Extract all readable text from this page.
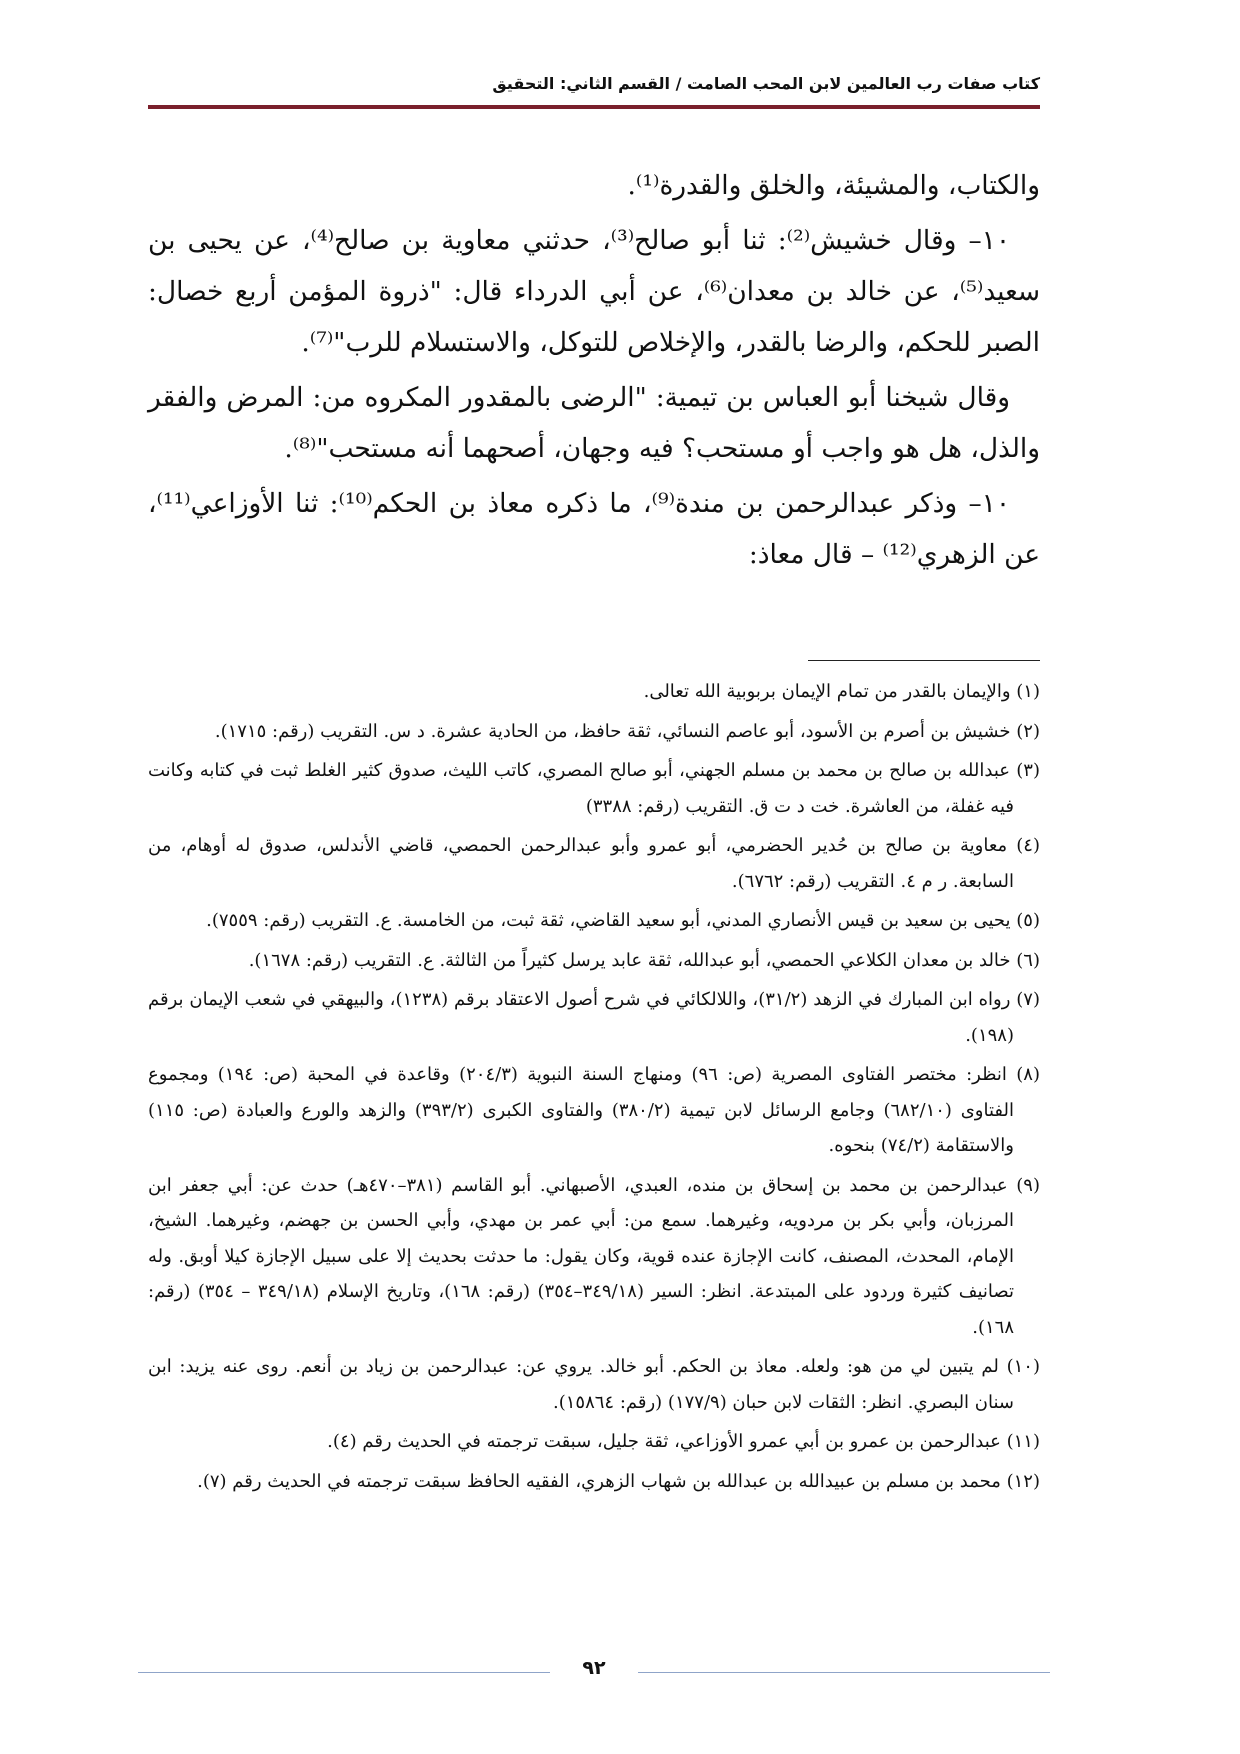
كتاب صفات رب العالمين لابن المحب الصامت / القسم الثاني: التحقيق

والكتاب، والمشيئة، والخلق والقدرة⁽¹⁾.

١٠– وقال خشيش⁽²⁾: ثنا أبو صالح⁽³⁾، حدثني معاوية بن صالح⁽⁴⁾، عن يحيى بن سعيد⁽⁵⁾، عن خالد بن معدان⁽⁶⁾، عن أبي الدرداء قال: "ذروة المؤمن أربع خصال: الصبر للحكم، والرضا بالقدر، والإخلاص للتوكل، والاستسلام للرب"⁽⁷⁾.

وقال شيخنا أبو العباس بن تيمية: "الرضى بالمقدور المكروه من: المرض والفقر والذل، هل هو واجب أو مستحب؟ فيه وجهان، أصحهما أنه مستحب"⁽⁸⁾.

١٠– وذكر عبدالرحمن بن مندة⁽⁹⁾، ما ذكره معاذ بن الحكم⁽¹⁰⁾: ثنا الأوزاعي⁽¹¹⁾، عن الزهري⁽¹²⁾ – قال معاذ:

(١) والإيمان بالقدر من تمام الإيمان بربوبية الله تعالى.
(٢) خشيش بن أصرم بن الأسود، أبو عاصم النسائي، ثقة حافظ، من الحادية عشرة. د س. التقريب (رقم: ١٧١٥).
(٣) عبدالله بن صالح بن محمد بن مسلم الجهني، أبو صالح المصري، كاتب الليث، صدوق كثير الغلط ثبت في كتابه وكانت فيه غفلة، من العاشرة. خت د ت ق. التقريب (رقم: ٣٣٨٨)
(٤) معاوية بن صالح بن حُدير الحضرمي، أبو عمرو وأبو عبدالرحمن الحمصي، قاضي الأندلس، صدوق له أوهام، من السابعة. ر م ٤. التقريب (رقم: ٦٧٦٢).
(٥) يحيى بن سعيد بن قيس الأنصاري المدني، أبو سعيد القاضي، ثقة ثبت، من الخامسة. ع. التقريب (رقم: ٧٥٥٩).
(٦) خالد بن معدان الكلاعي الحمصي، أبو عبدالله، ثقة عابد يرسل كثيراً من الثالثة. ع. التقريب (رقم: ١٦٧٨).
(٧) رواه ابن المبارك في الزهد (٣١/٢)، واللالكائي في شرح أصول الاعتقاد برقم (١٢٣٨)، والبيهقي في شعب الإيمان برقم (١٩٨).
(٨) انظر: مختصر الفتاوى المصرية (ص: ٩٦) ومنهاج السنة النبوية (٢٠٤/٣) وقاعدة في المحبة (ص: ١٩٤) ومجموع الفتاوى (٦٨٢/١٠) وجامع الرسائل لابن تيمية (٣٨٠/٢) والفتاوى الكبرى (٣٩٣/٢) والزهد والورع والعبادة (ص: ١١٥) والاستقامة (٧٤/٢) بنحوه.
(٩) عبدالرحمن بن محمد بن إسحاق بن منده، العبدي، الأصبهاني. أبو القاسم (٣٨١–٤٧٠هـ) حدث عن: أبي جعفر ابن المرزبان، وأبي بكر بن مردويه، وغيرهما. سمع من: أبي عمر بن مهدي، وأبي الحسن بن جهضم، وغيرهما. الشيخ، الإمام، المحدث، المصنف، كانت الإجازة عنده قوية، وكان يقول: ما حدثت بحديث إلا على سبيل الإجازة كيلا أوبق. وله تصانيف كثيرة وردود على المبتدعة. انظر: السير (٣٤٩/١٨–٣٥٤) (رقم: ١٦٨)، وتاريخ الإسلام (٣٤٩/١٨ – ٣٥٤) (رقم: ١٦٨).
(١٠) لم يتبين لي من هو: ولعله. معاذ بن الحكم. أبو خالد. يروي عن: عبدالرحمن بن زياد بن أنعم. روى عنه يزيد: ابن سنان البصري. انظر: الثقات لابن حبان (١٧٧/٩) (رقم: ١٥٨٦٤).
(١١) عبدالرحمن بن عمرو بن أبي عمرو الأوزاعي، ثقة جليل، سبقت ترجمته في الحديث رقم (٤).
(١٢) محمد بن مسلم بن عبيدالله بن عبدالله بن شهاب الزهري، الفقيه الحافظ سبقت ترجمته في الحديث رقم (٧).
٩٢
